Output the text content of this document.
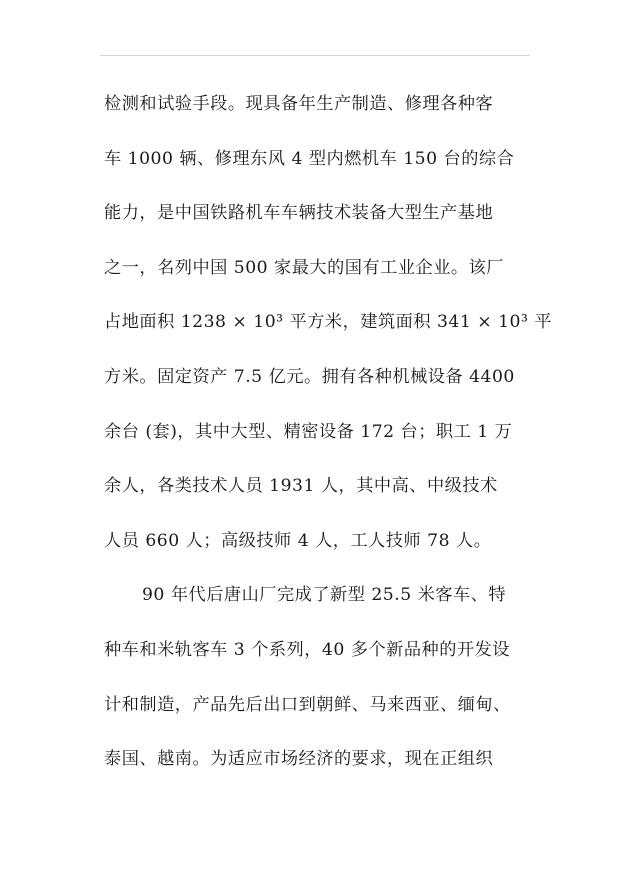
检测和试验手段。现具备年生产制造、修理各种客
车 1000 辆、修理东风 4 型内燃机车 150 台的综合
能力，是中国铁路机车车辆技术装备大型生产基地
之一，名列中国 500 家最大的国有工业企业。该厂
占地面积 1238 × 10³ 平方米，建筑面积 341 × 10³ 平
方米。固定资产 7.5 亿元。拥有各种机械设备 4400
余台 (套)，其中大型、精密设备 172 台；职工 1 万
余人，各类技术人员 1931 人，其中高、中级技术
人员 660 人；高级技师 4 人，工人技师 78 人。
90 年代后唐山厂完成了新型 25.5 米客车、特
种车和米轨客车 3 个系列，40 多个新品种的开发设
计和制造，产品先后出口到朝鲜、马来西亚、缅甸、
泰国、越南。为适应市场经济的要求，现在正组织
